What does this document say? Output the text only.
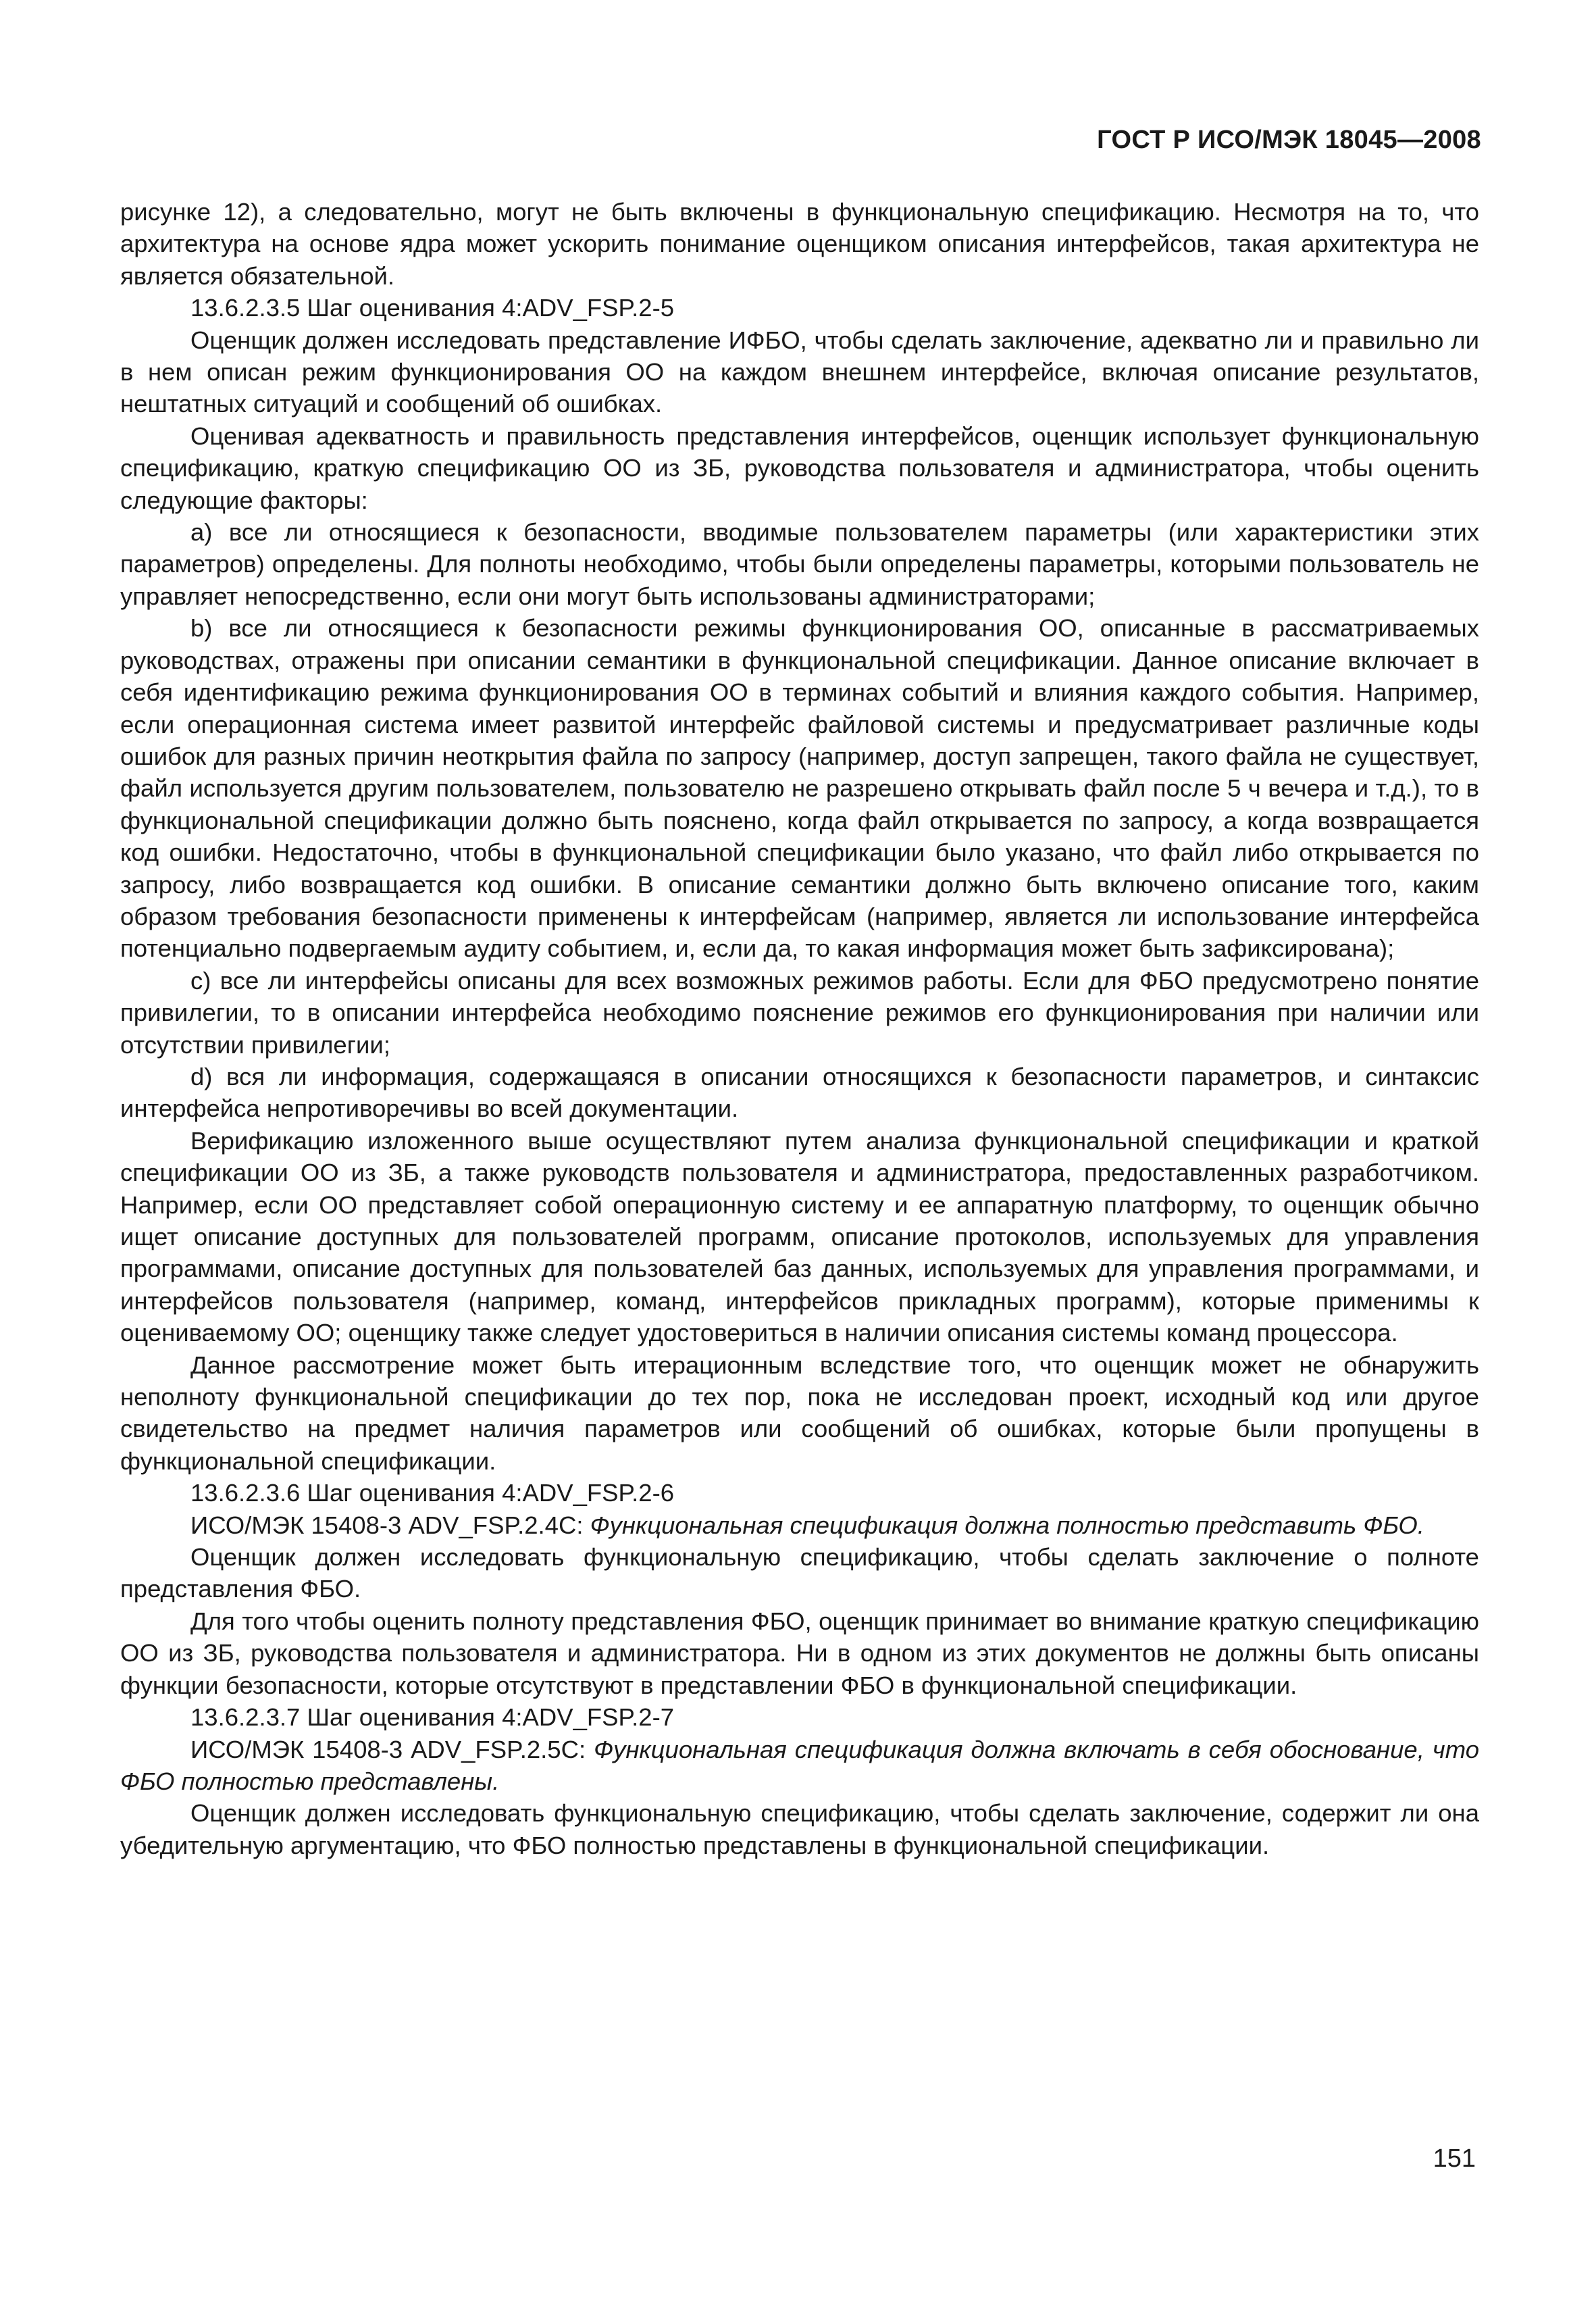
ГОСТ Р ИСО/МЭК 18045—2008

рисунке 12), а следовательно, могут не быть включены в функциональную спецификацию. Несмотря на то, что архитектура на основе ядра может ускорить понимание оценщиком описания интерфейсов, такая архитектура не является обязательной.

13.6.2.3.5 Шаг оценивания 4:ADV_FSP.2-5

Оценщик должен исследовать представление ИФБО, чтобы сделать заключение, адекватно ли и правильно ли в нем описан режим функционирования ОО на каждом внешнем интерфейсе, включая описание результатов, нештатных ситуаций и сообщений об ошибках.

Оценивая адекватность и правильность представления интерфейсов, оценщик использует функциональную спецификацию, краткую спецификацию ОО из ЗБ, руководства пользователя и администратора, чтобы оценить следующие факторы:

a) все ли относящиеся к безопасности, вводимые пользователем параметры (или характеристики этих параметров) определены. Для полноты необходимо, чтобы были определены параметры, которыми пользователь не управляет непосредственно, если они могут быть использованы администраторами;

b) все ли относящиеся к безопасности режимы функционирования ОО, описанные в рассматриваемых руководствах, отражены при описании семантики в функциональной спецификации. Данное описание включает в себя идентификацию режима функционирования ОО в терминах событий и влияния каждого события. Например, если операционная система имеет развитой интерфейс файловой системы и предусматривает различные коды ошибок для разных причин неоткрытия файла по запросу (например, доступ запрещен, такого файла не существует, файл используется другим пользователем, пользователю не разрешено открывать файл после 5 ч вечера и т.д.), то в функциональной спецификации должно быть пояснено, когда файл открывается по запросу, а когда возвращается код ошибки. Недостаточно, чтобы в функциональной спецификации было указано, что файл либо открывается по запросу, либо возвращается код ошибки. В описание семантики должно быть включено описание того, каким образом требования безопасности применены к интерфейсам (например, является ли использование интерфейса потенциально подвергаемым аудиту событием, и, если да, то какая информация может быть зафиксирована);

c) все ли интерфейсы описаны для всех возможных режимов работы. Если для ФБО предусмотрено понятие привилегии, то в описании интерфейса необходимо пояснение режимов его функционирования при наличии или отсутствии привилегии;

d) вся ли информация, содержащаяся в описании относящихся к безопасности параметров, и синтаксис интерфейса непротиворечивы во всей документации.

Верификацию изложенного выше осуществляют путем анализа функциональной спецификации и краткой спецификации ОО из ЗБ, а также руководств пользователя и администратора, предоставленных разработчиком. Например, если ОО представляет собой операционную систему и ее аппаратную платформу, то оценщик обычно ищет описание доступных для пользователей программ, описание протоколов, используемых для управления программами, описание доступных для пользователей баз данных, используемых для управления программами, и интерфейсов пользователя (например, команд, интерфейсов прикладных программ), которые применимы к оцениваемому ОО; оценщику также следует удостовериться в наличии описания системы команд процессора.

Данное рассмотрение может быть итерационным вследствие того, что оценщик может не обнаружить неполноту функциональной спецификации до тех пор, пока не исследован проект, исходный код или другое свидетельство на предмет наличия параметров или сообщений об ошибках, которые были пропущены в функциональной спецификации.

13.6.2.3.6 Шаг оценивания 4:ADV_FSP.2-6

ИСО/МЭК 15408-3 ADV_FSP.2.4C: Функциональная спецификация должна полностью представить ФБО.

Оценщик должен исследовать функциональную спецификацию, чтобы сделать заключение о полноте представления ФБО.

Для того чтобы оценить полноту представления ФБО, оценщик принимает во внимание краткую спецификацию ОО из ЗБ, руководства пользователя и администратора. Ни в одном из этих документов не должны быть описаны функции безопасности, которые отсутствуют в представлении ФБО в функциональной спецификации.

13.6.2.3.7 Шаг оценивания 4:ADV_FSP.2-7

ИСО/МЭК 15408-3 ADV_FSP.2.5C: Функциональная спецификация должна включать в себя обоснование, что ФБО полностью представлены.

Оценщик должен исследовать функциональную спецификацию, чтобы сделать заключение, содержит ли она убедительную аргументацию, что ФБО полностью представлены в функциональной спецификации.

151
